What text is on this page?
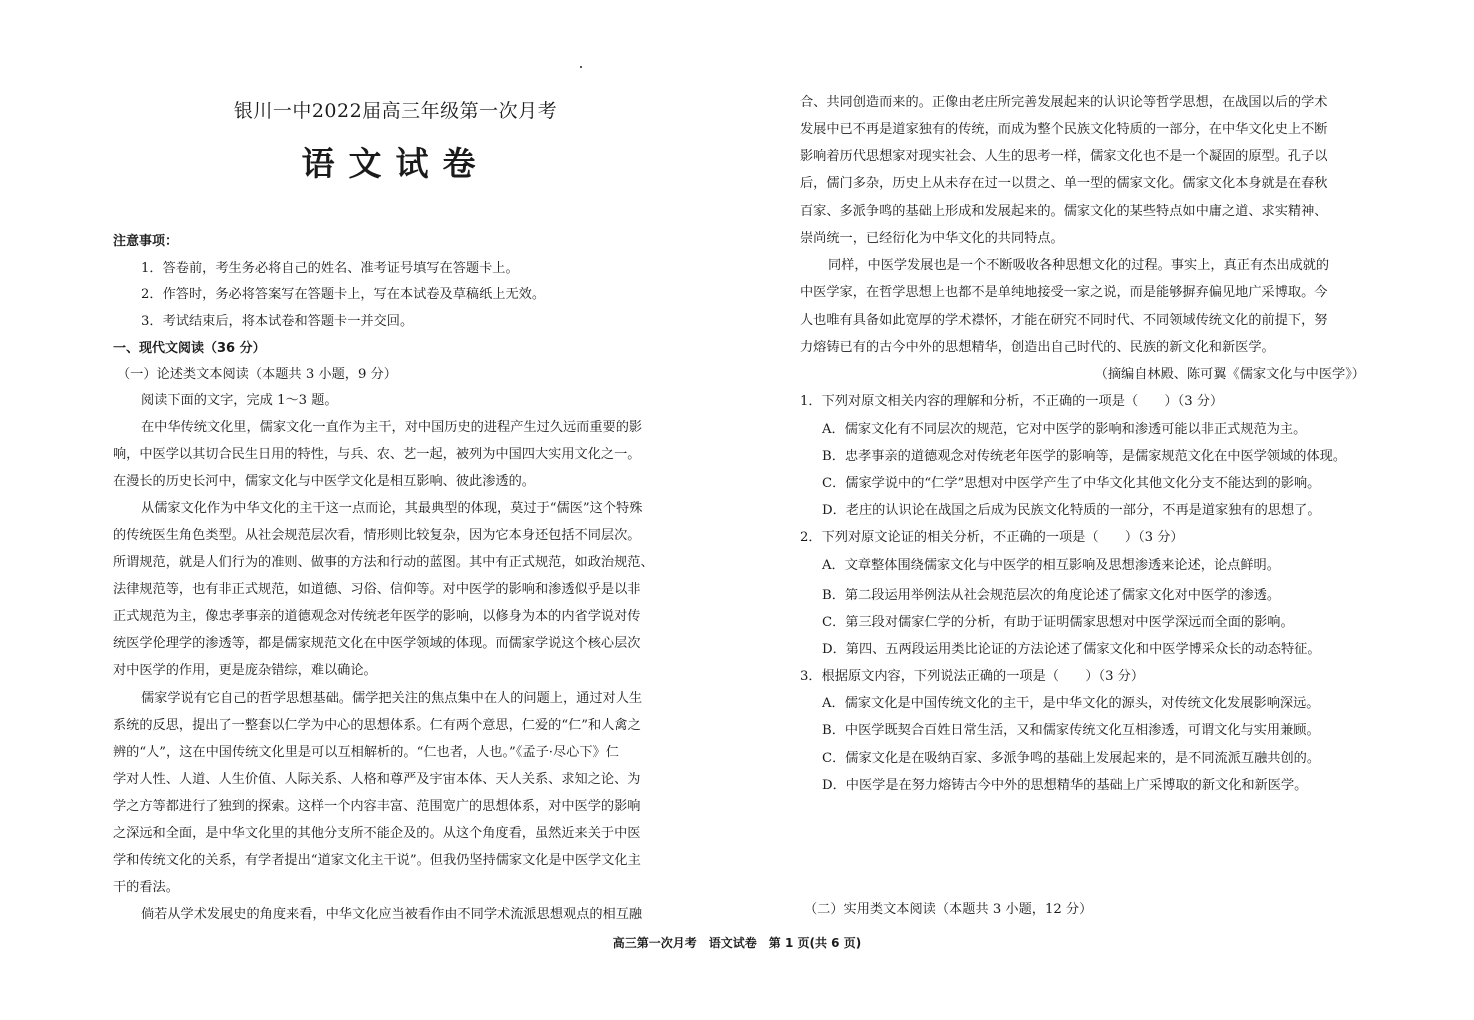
银川一中2022届高三年级第一次月考
语文试卷
注意事项：
1．答卷前，考生务必将自己的姓名、准考证号填写在答题卡上。
2．作答时，务必将答案写在答题卡上，写在本试卷及草稿纸上无效。
3．考试结束后，将本试卷和答题卡一并交回。
一、现代文阅读（36 分）
（一）论述类文本阅读（本题共 3 小题，9 分）
阅读下面的文字，完成 1～3 题。
在中华传统文化里，儒家文化一直作为主干，对中国历史的进程产生过久远而重要的影
响，中医学以其切合民生日用的特性，与兵、农、艺一起，被列为中国四大实用文化之一。
在漫长的历史长河中，儒家文化与中医学文化是相互影响、彼此渗透的。
从儒家文化作为中华文化的主干这一点而论，其最典型的体现，莫过于“儒医”这个特殊
的传统医生角色类型。从社会规范层次看，情形则比较复杂，因为它本身还包括不同层次。
所谓规范，就是人们行为的准则、做事的方法和行动的蓝图。其中有正式规范，如政治规范、
法律规范等，也有非正式规范，如道德、习俗、信仰等。对中医学的影响和渗透似乎是以非
正式规范为主，像忠孝事亲的道德观念对传统老年医学的影响，以修身为本的内省学说对传
统医学伦理学的渗透等，都是儒家规范文化在中医学领域的体现。而儒家学说这个核心层次
对中医学的作用，更是庞杂错综，难以确论。
儒家学说有它自己的哲学思想基础。儒学把关注的焦点集中在人的问题上，通过对人生
系统的反思，提出了一整套以仁学为中心的思想体系。仁有两个意思，仁爱的“仁”和人禽之
辨的“人”，这在中国传统文化里是可以互相解析的。“仁也者，人也。”《孟子·尽心下》仁
学对人性、人道、人生价值、人际关系、人格和尊严及宇宙本体、天人关系、求知之论、为
学之方等都进行了独到的探索。这样一个内容丰富、范围宽广的思想体系，对中医学的影响
之深远和全面，是中华文化里的其他分支所不能企及的。从这个角度看，虽然近来关于中医
学和传统文化的关系，有学者提出“道家文化主干说”。但我仍坚持儒家文化是中医学文化主
干的看法。
倘若从学术发展史的角度来看，中华文化应当被看作由不同学术流派思想观点的相互融
合、共同创造而来的。正像由老庄所完善发展起来的认识论等哲学思想，在战国以后的学术
发展中已不再是道家独有的传统，而成为整个民族文化特质的一部分，在中华文化史上不断
影响着历代思想家对现实社会、人生的思考一样，儒家文化也不是一个凝固的原型。孔子以
后，儒门多杂，历史上从未存在过一以贯之、单一型的儒家文化。儒家文化本身就是在春秋
百家、多派争鸣的基础上形成和发展起来的。儒家文化的某些特点如中庸之道、求实精神、
崇尚统一，已经衍化为中华文化的共同特点。
同样，中医学发展也是一个不断吸收各种思想文化的过程。事实上，真正有杰出成就的
中医学家，在哲学思想上也都不是单纯地接受一家之说，而是能够摒弃偏见地广采博取。今
人也唯有具备如此宽厚的学术襟怀，才能在研究不同时代、不同领域传统文化的前提下，努
力熔铸已有的古今中外的思想精华，创造出自己时代的、民族的新文化和新医学。
（摘编自林殿、陈可翼《儒家文化与中医学》）
1．下列对原文相关内容的理解和分析，不正确的一项是（　　）（3 分）
A．儒家文化有不同层次的规范，它对中医学的影响和渗透可能以非正式规范为主。
B．忠孝事亲的道德观念对传统老年医学的影响等，是儒家规范文化在中医学领域的体现。
C．儒家学说中的“仁学”思想对中医学产生了中华文化其他文化分支不能达到的影响。
D．老庄的认识论在战国之后成为民族文化特质的一部分，不再是道家独有的思想了。
2．下列对原文论证的相关分析，不正确的一项是（　　）（3 分）
A．文章整体围绕儒家文化与中医学的相互影响及思想渗透来论述，论点鲜明。
B．第二段运用举例法从社会规范层次的角度论述了儒家文化对中医学的渗透。
C．第三段对儒家仁学的分析，有助于证明儒家思想对中医学深远而全面的影响。
D．第四、五两段运用类比论证的方法论述了儒家文化和中医学博采众长的动态特征。
3．根据原文内容，下列说法正确的一项是（　　）（3 分）
A．儒家文化是中国传统文化的主干，是中华文化的源头，对传统文化发展影响深远。
B．中医学既契合百姓日常生活，又和儒家传统文化互相渗透，可谓文化与实用兼顾。
C．儒家文化是在吸纳百家、多派争鸣的基础上发展起来的，是不同流派互融共创的。
D．中医学是在努力熔铸古今中外的思想精华的基础上广采博取的新文化和新医学。
（二）实用类文本阅读（本题共 3 小题，12 分）
高三第一次月考　语文试卷　第 1 页(共 6 页)
